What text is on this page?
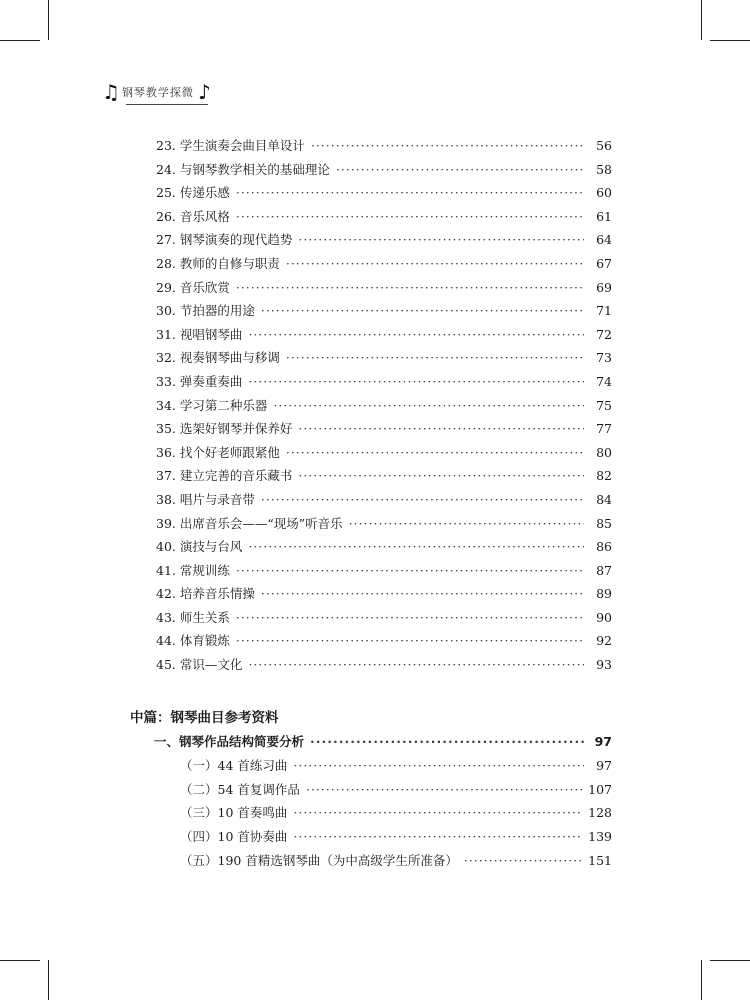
♫ 钢琴教学探微 ♪
23. 学生演奏会曲目单设计 ·····	56
24. 与钢琴教学相关的基础理论 ·····	58
25. 传递乐感 ·····	60
26. 音乐风格 ·····	61
27. 钢琴演奏的现代趋势 ·····	64
28. 教师的自修与职责 ·····	67
29. 音乐欣赏 ·····	69
30. 节拍器的用途 ·····	71
31. 视唱钢琴曲 ·····	72
32. 视奏钢琴曲与移调 ·····	73
33. 弹奏重奏曲 ·····	74
34. 学习第二种乐器 ·····	75
35. 选架好钢琴并保养好 ·····	77
36. 找个好老师跟紧他 ·····	80
37. 建立完善的音乐藏书 ·····	82
38. 唱片与录音带 ·····	84
39. 出席音乐会——“现场”听音乐 ·····	85
40. 演技与台风 ·····	86
41. 常规训练 ·····	87
42. 培养音乐情操 ·····	89
43. 师生关系 ·····	90
44. 体育锻炼 ·····	92
45. 常识—文化 ·····	93
中篇：钢琴曲目参考资料
一、钢琴作品结构简要分析 ·····	97
（一）44 首练习曲 ·····	97
（二）54 首复调作品 ·····	107
（三）10 首奏鸣曲 ·····	128
（四）10 首协奏曲 ·····	139
（五）190 首精选钢琴曲（为中高级学生所准备） ·····	151
